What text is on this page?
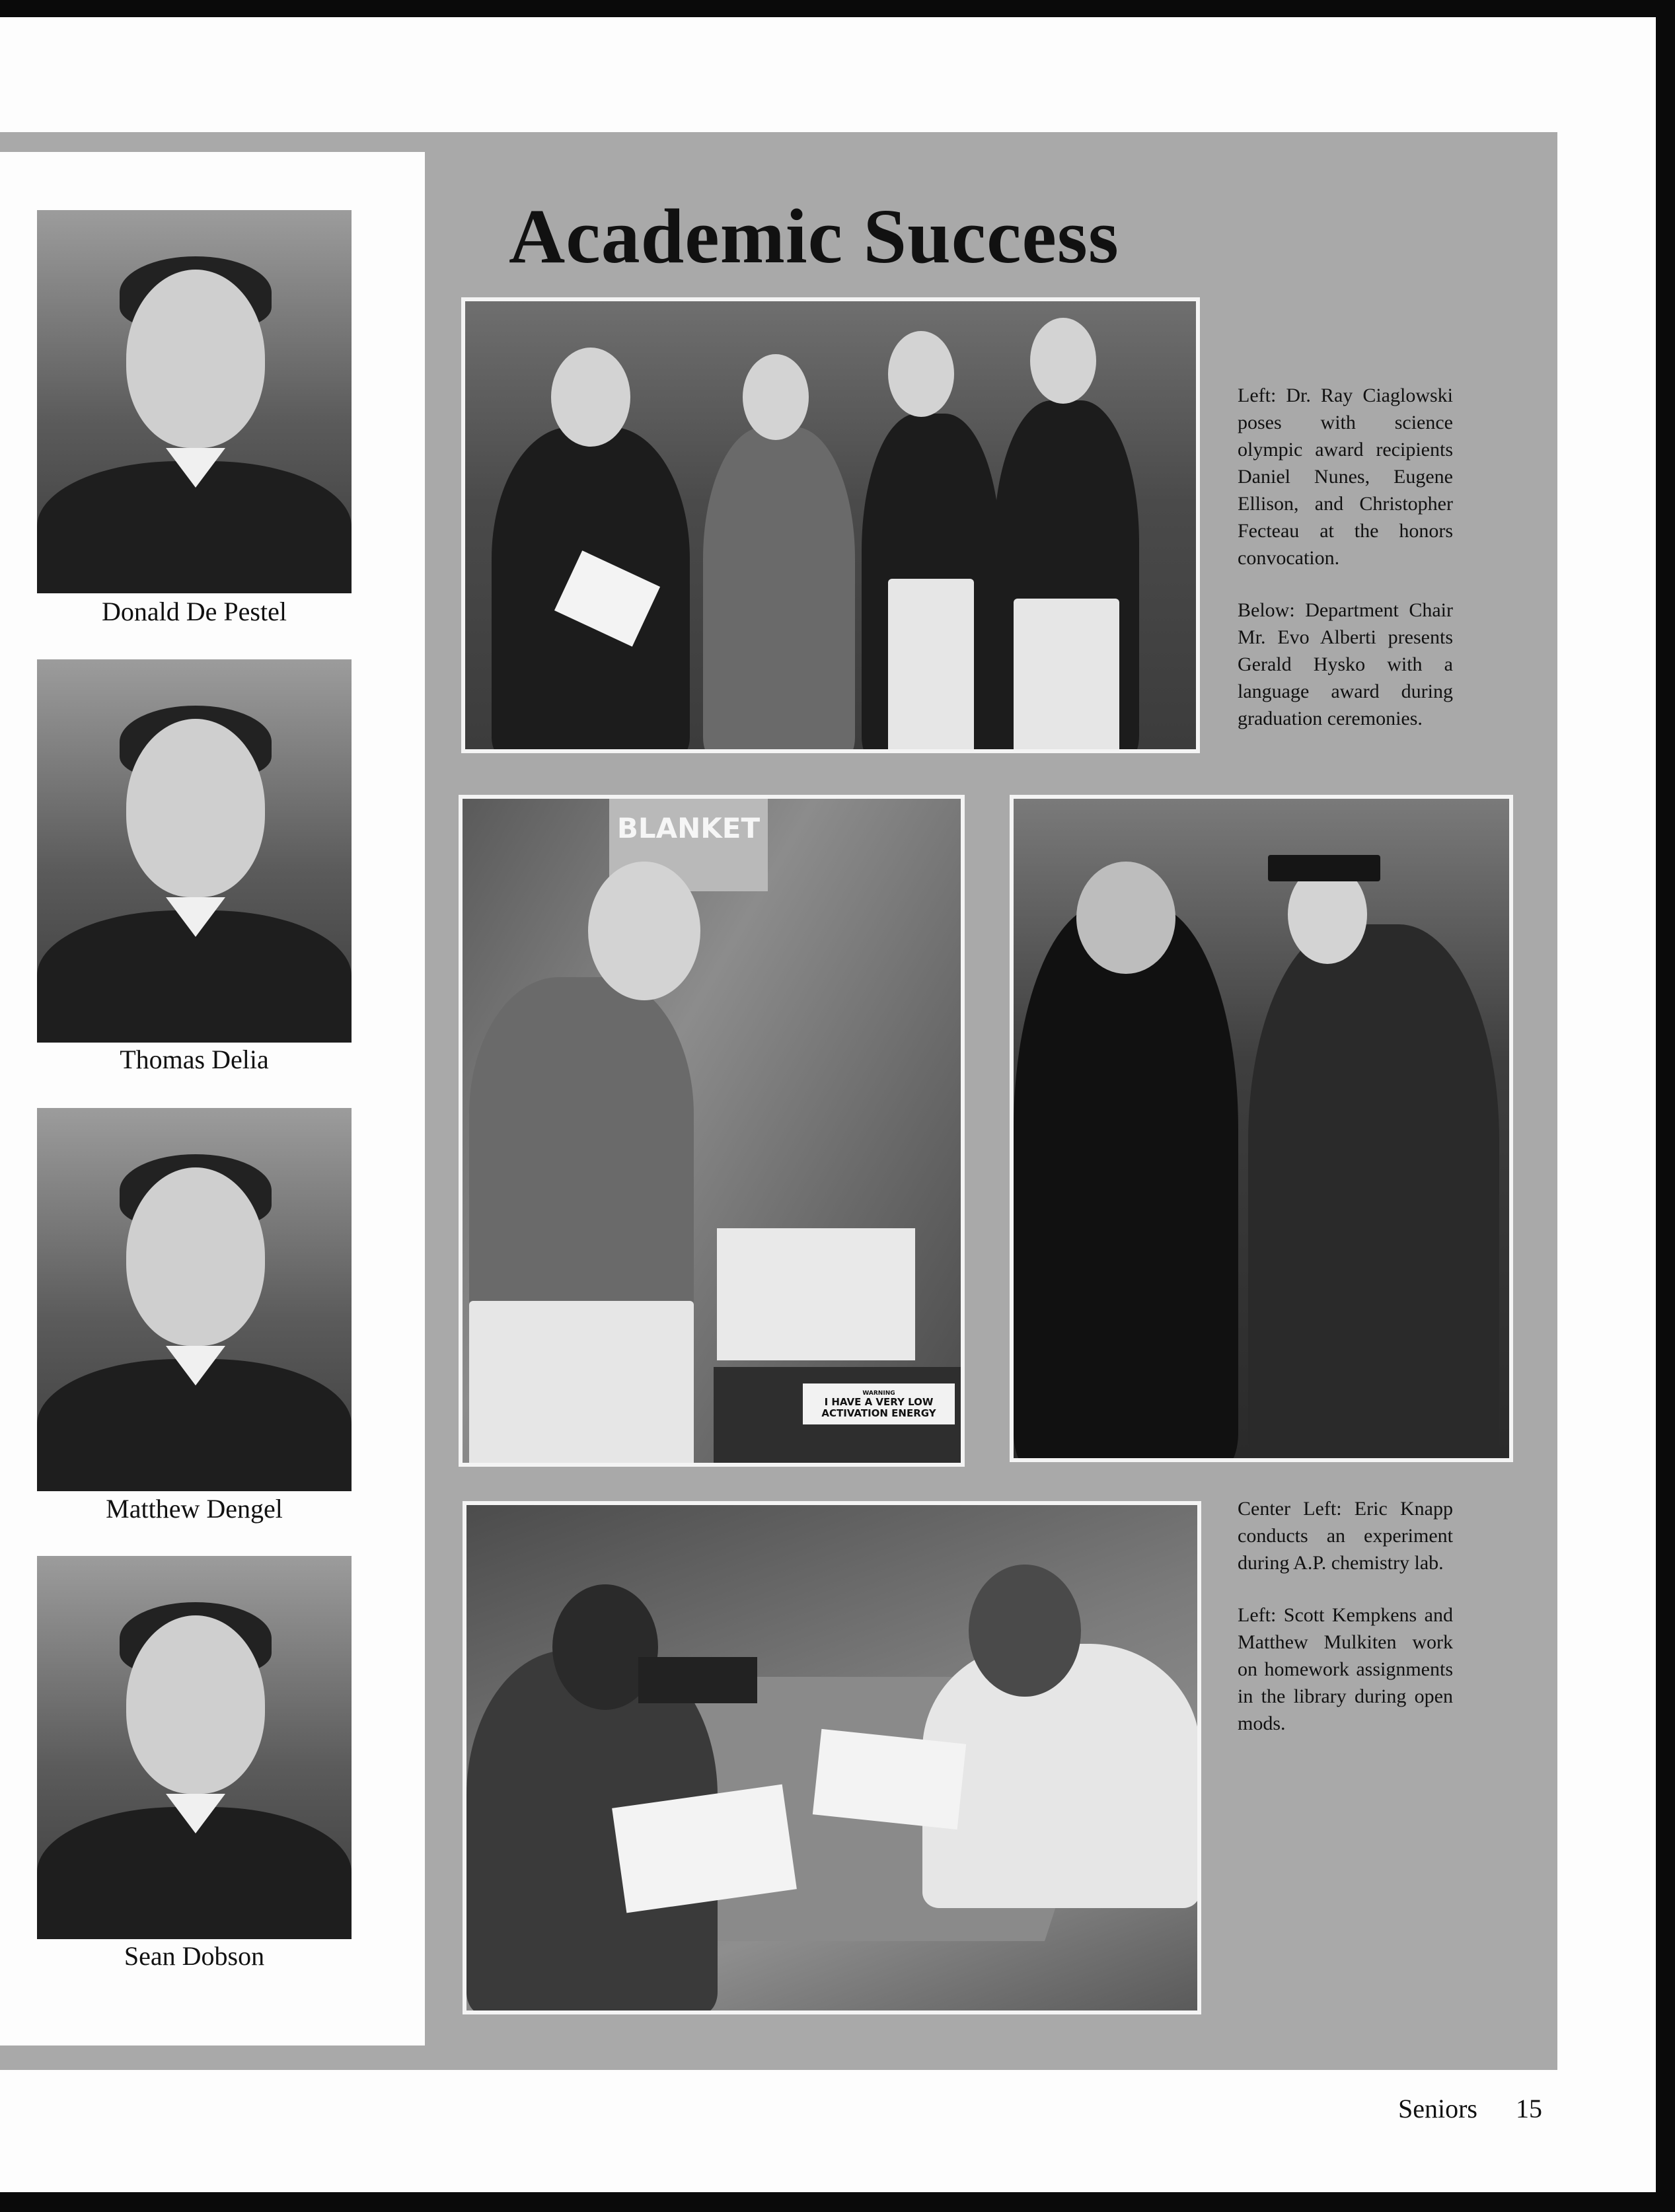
Donald De Pestel
Thomas Delia
Matthew Dengel
Sean Dobson
Academic Success
BLANKET
WARNING
I HAVE A VERY LOW
ACTIVATION ENERGY

Left: Dr. Ray Ciaglowski poses with science olympic award recipients Daniel Nunes, Eugene Ellison, and Christopher Fecteau at the honors convocation.

Below: Department Chair Mr. Evo Alberti presents Gerald Hysko with a language award during graduation ceremonies.

Center Left: Eric Knapp conducts an experiment during A.P. chemistry lab.

Left: Scott Kempkens and Matthew Mulkiten work on homework assignments in the library during open mods.

Seniors 15
